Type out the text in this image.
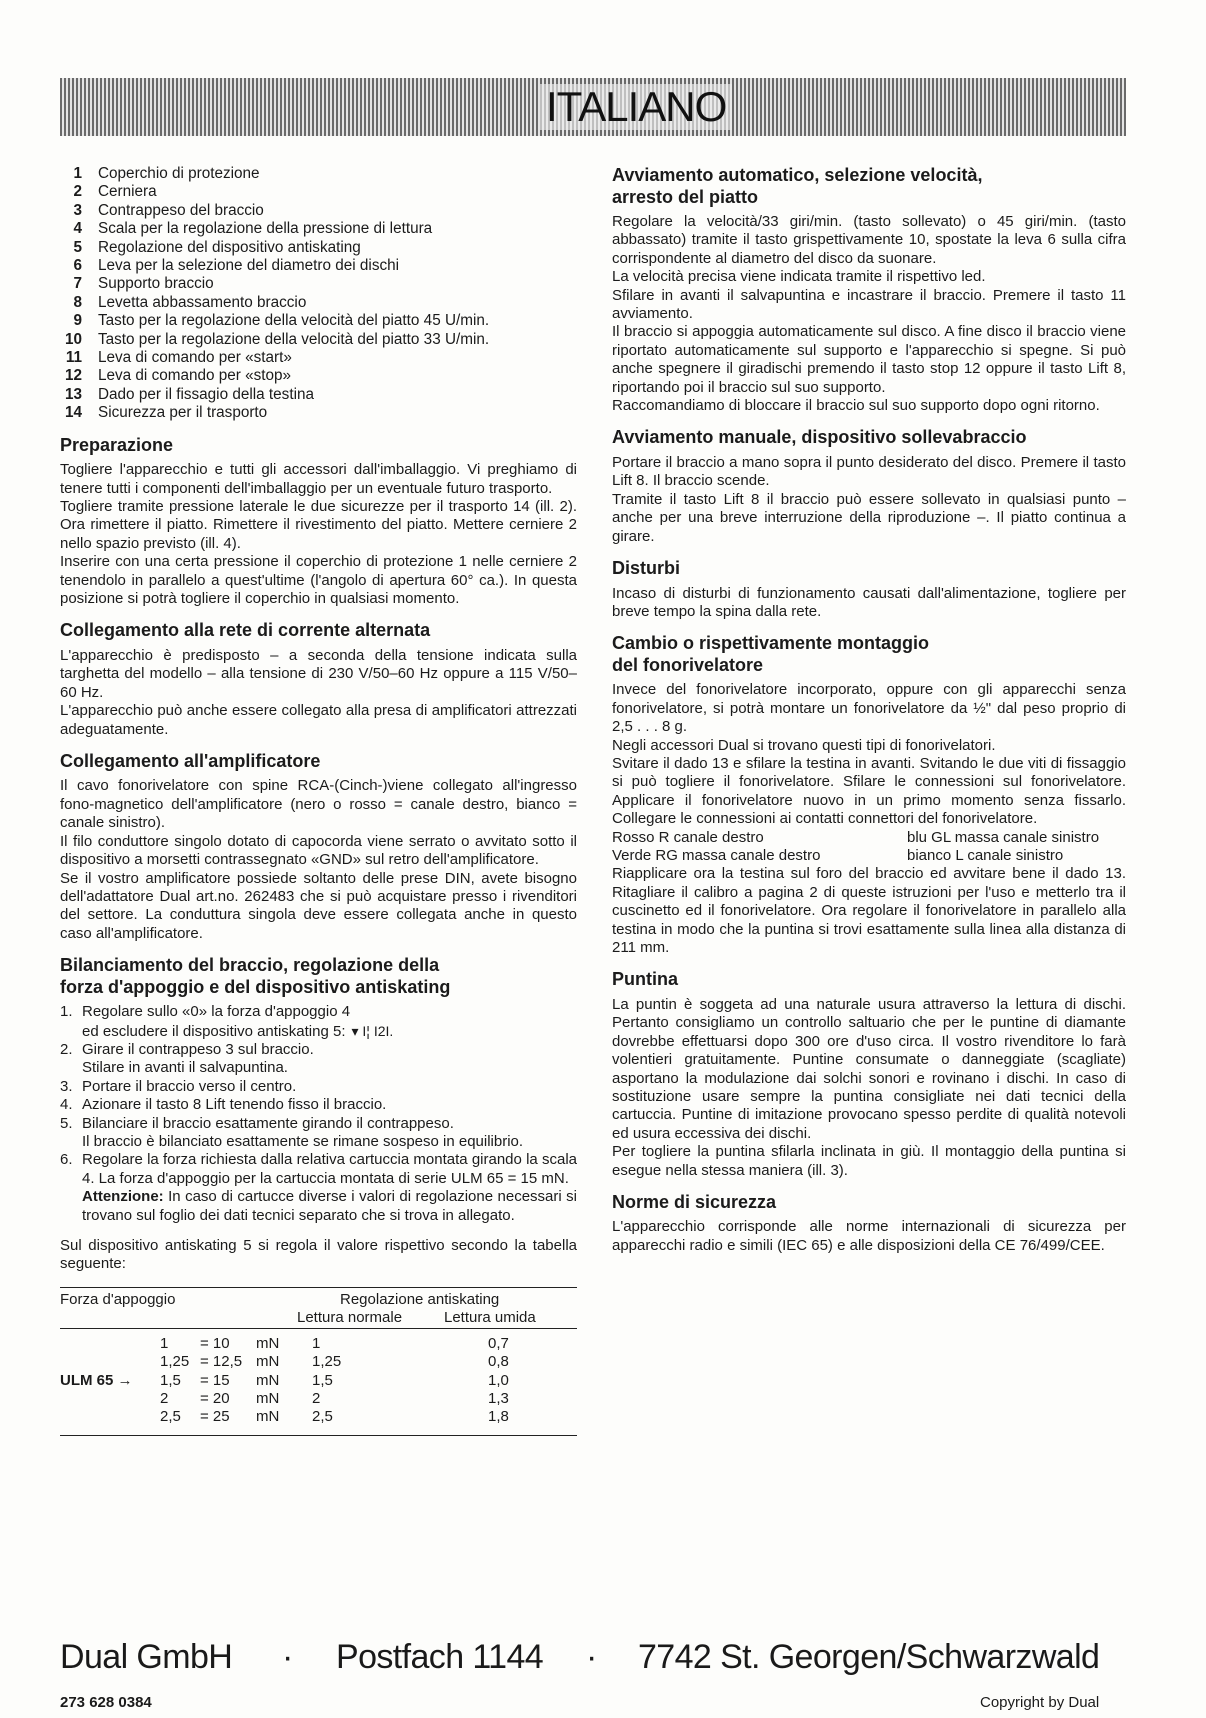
ITALIANO
1 Coperchio di protezione
2 Cerniera
3 Contrappeso del braccio
4 Scala per la regolazione della pressione di lettura
5 Regolazione del dispositivo antiskating
6 Leva per la selezione del diametro dei dischi
7 Supporto braccio
8 Levetta abbassamento braccio
9 Tasto per la regolazione della velocità del piatto 45 U/min.
10 Tasto per la regolazione della velocità del piatto 33 U/min.
11 Leva di comando per «start»
12 Leva di comando per «stop»
13 Dado per il fissagio della testina
14 Sicurezza per il trasporto
Preparazione

Togliere l'apparecchio e tutti gli accessori dall'imballaggio. Vi preghiamo di tenere tutti i componenti dell'imballaggio per un eventuale futuro trasporto.

Togliere tramite pressione laterale le due sicurezze per il trasporto 14 (ill. 2). Ora rimettere il piatto. Rimettere il rivestimento del piatto. Mettere cerniere 2 nello spazio previsto (ill. 4).

Inserire con una certa pressione il coperchio di protezione 1 nelle cerniere 2 tenendolo in parallelo a quest'ultime (l'angolo di apertura 60° ca.). In questa posizione si potrà togliere il coperchio in qualsiasi momento.

Collegamento alla rete di corrente alternata

L'apparecchio è predisposto – a seconda della tensione indicata sulla targhetta del modello – alla tensione di 230 V/50–60 Hz oppure a 115 V/50–60 Hz.

L'apparecchio può anche essere collegato alla presa di amplificatori attrezzati adeguatamente.

Collegamento all'amplificatore

Il cavo fonorivelatore con spine RCA-(Cinch-)viene collegato all'ingresso fono-magnetico dell'amplificatore (nero o rosso = canale destro, bianco = canale sinistro).

Il filo conduttore singolo dotato di capocorda viene serrato o avvitato sotto il dispositivo a morsetti contrassegnato «GND» sul retro dell'amplificatore.

Se il vostro amplificatore possiede soltanto delle prese DIN, avete bisogno dell'adattatore Dual art.no. 262483 che si può acquistare presso i rivenditori del settore. La conduttura singola deve essere collegata anche in questo caso all'amplificatore.

Bilanciamento del braccio, regolazione della
forza d'appoggio e del dispositivo antiskating
1. Regolare sullo «0» la forza d'appoggio 4
ed escludere il dispositivo antiskating 5: ▾ I¦ I2I.
2. Girare il contrappeso 3 sul braccio.
Stilare in avanti il salvapuntina.
3. Portare il braccio verso il centro.
4. Azionare il tasto 8 Lift tenendo fisso il braccio.
5. Bilanciare il braccio esattamente girando il contrappeso.
Il braccio è bilanciato esattamente se rimane sospeso in equilibrio.
6. Regolare la forza richiesta dalla relativa cartuccia montata girando la scala 4. La forza d'appoggio per la cartuccia montata di serie ULM 65 = 15 mN.
Attenzione: In caso di cartucce diverse i valori di regolazione necessari si trovano sul foglio dei dati tecnici separato che si trova in allegato.

Sul dispositivo antiskating 5 si regola il valore rispettivo secondo la tabella seguente:

Forza d'appoggio	Regolazione antiskating
Lettura normale	Lettura umida
1 = 10 mN 1	0,7
1,25 = 12,5 mN 1,25	0,8
ULM 65 → 1,5 = 15 mN 1,5	1,0
2 = 20 mN 2	1,3
2,5 = 25 mN 2,5	1,8
Avviamento automatico, selezione velocità,
arresto del piatto

Regolare la velocità/33 giri/min. (tasto sollevato) o 45 giri/min. (tasto abbassato) tramite il tasto grispettivamente 10, spostate la leva 6 sulla cifra corrispondente al diametro del disco da suonare.

La velocità precisa viene indicata tramite il rispettivo led.

Sfilare in avanti il salvapuntina e incastrare il braccio. Premere il tasto 11 avviamento.

Il braccio si appoggia automaticamente sul disco. A fine disco il braccio viene riportato automaticamente sul supporto e l'apparecchio si spegne. Si può anche spegnere il giradischi premendo il tasto stop 12 oppure il tasto Lift 8, riportando poi il braccio sul suo supporto.

Raccomandiamo di bloccare il braccio sul suo supporto dopo ogni ritorno.

Avviamento manuale, dispositivo sollevabraccio

Portare il braccio a mano sopra il punto desiderato del disco. Premere il tasto Lift 8. Il braccio scende.

Tramite il tasto Lift 8 il braccio può essere sollevato in qualsiasi punto – anche per una breve interruzione della riproduzione –. Il piatto continua a girare.

Disturbi

Incaso di disturbi di funzionamento causati dall'alimentazione, togliere per breve tempo la spina dalla rete.

Cambio o rispettivamente montaggio
del fonorivelatore

Invece del fonorivelatore incorporato, oppure con gli apparecchi senza fonorivelatore, si potrà montare un fonorivelatore da ½" dal peso proprio di 2,5 . . . 8 g.

Negli accessori Dual si trovano questi tipi di fonorivelatori.

Svitare il dado 13 e sfilare la testina in avanti. Svitando le due viti di fissaggio si può togliere il fonorivelatore. Sfilare le connessioni sul fonorivelatore. Applicare il fonorivelatore nuovo in un primo momento senza fissarlo. Collegare le connessioni ai contatti connettori del fonorivelatore.

Rosso R canale destro	blu GL massa canale sinistro
Verde RG massa canale destro	bianco L canale sinistro

Riapplicare ora la testina sul foro del braccio ed avvitare bene il dado 13. Ritagliare il calibro a pagina 2 di queste istruzioni per l'uso e metterlo tra il cuscinetto ed il fonorivelatore. Ora regolare il fonorivelatore in parallelo alla testina in modo che la puntina si trovi esattamente sulla linea alla distanza di 211 mm.

Puntina

La puntin è soggeta ad una naturale usura attraverso la lettura di dischi. Pertanto consigliamo un controllo saltuario che per le puntine di diamante dovrebbe effettuarsi dopo 300 ore d'uso circa. Il vostro rivenditore lo farà volentieri gratuitamente. Puntine consumate o danneggiate (scagliate) asportano la modulazione dai solchi sonori e rovinano i dischi. In caso di sostituzione usare sempre la puntina consigliate nei dati tecnici della cartuccia. Puntine di imitazione provocano spesso perdite di qualità notevoli ed usura eccessiva dei dischi.

Per togliere la puntina sfilarla inclinata in giù. Il montaggio della puntina si esegue nella stessa maniera (ill. 3).

Norme di sicurezza

L'apparecchio corrisponde alle norme internazionali di sicurezza per apparecchi radio e simili (IEC 65) e alle disposizioni della CE 76/499/CEE.

Dual GmbH · Postfach 1144 · 7742 St. Georgen/Schwarzwald
273 628 0384	Copyright by Dual
